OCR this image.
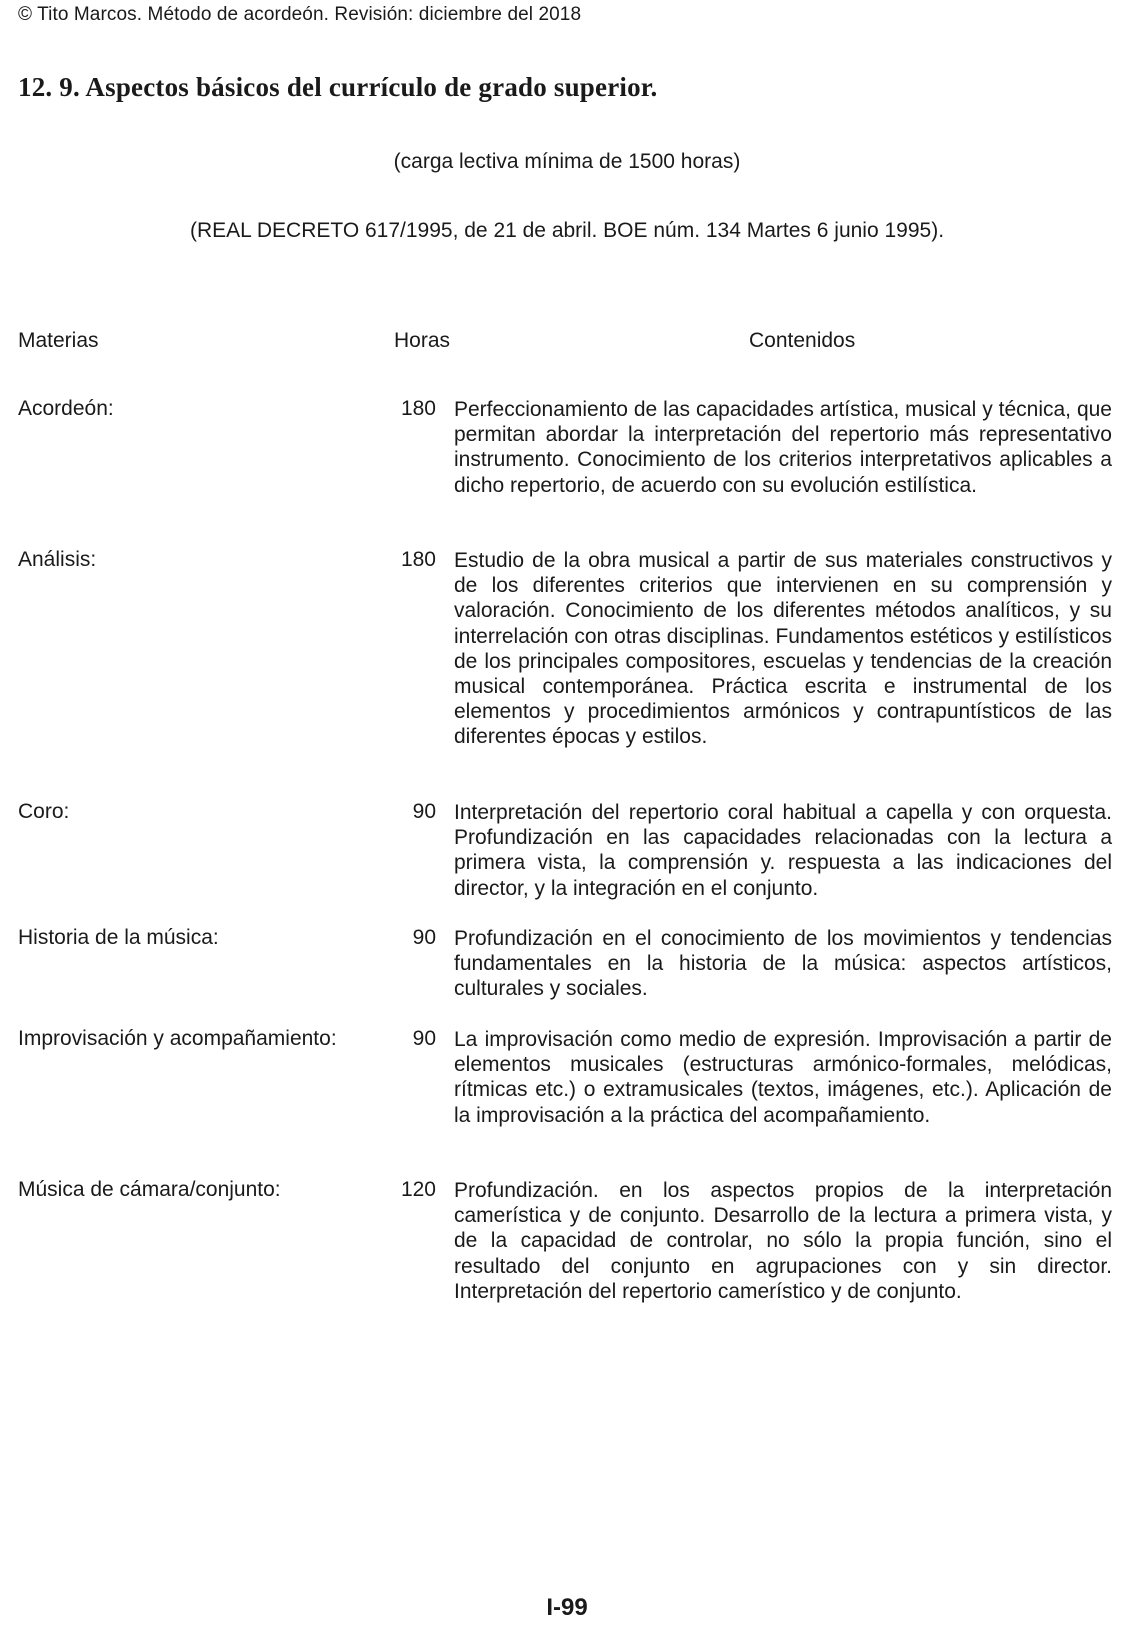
© Tito Marcos. Método de acordeón. Revisión: diciembre del 2018
12. 9. Aspectos básicos del currículo de grado superior.
(carga lectiva mínima de 1500 horas)
(REAL DECRETO 617/1995, de 21 de abril. BOE núm. 134 Martes 6 junio 1995).
Materias	Horas	Contenidos
Acordeón:	180 Perfeccionamiento de las capacidades artística, musical y técnica, que permitan abordar la interpretación del repertorio más representativo instrumento. Conocimiento de los criterios interpretativos aplicables a dicho repertorio, de acuerdo con su evolución estilística.

Análisis:	180 Estudio de la obra musical a partir de sus materiales constructivos y de los diferentes criterios que intervienen en su comprensión y valoración. Conocimiento de los diferentes métodos analíticos, y su interrelación con otras disciplinas. Fundamentos estéticos y estilísticos de los principales compositores, escuelas y tendencias de la creación musical contemporánea. Práctica escrita e instrumental de los elementos y procedimientos armónicos y contrapuntísticos de las diferentes épocas y estilos.

Coro:	90 Interpretación del repertorio coral habitual a capella y con orquesta. Profundización en las capacidades relacionadas con la lectura a primera vista, la comprensión y. respuesta a las indicaciones del director, y la integración en el conjunto.

Historia de la música:	90 Profundización en el conocimiento de los movimientos y tendencias fundamentales en la historia de la música: aspectos artísticos, culturales y sociales.

Improvisación y acompañamiento:	90 La improvisación como medio de expresión. Improvisación a partir de elementos musicales (estructuras armónico-formales, melódicas, rítmicas etc.) o extramusicales (textos, imágenes, etc.). Aplicación de la improvisación a la práctica del acompañamiento.

Música de cámara/conjunto:	120 Profundización. en los aspectos propios de la interpretación camerística y de conjunto. Desarrollo de la lectura a primera vista, y de la capacidad de controlar, no sólo la propia función, sino el resultado del conjunto en agrupaciones con y sin director. Interpretación del repertorio camerístico y de conjunto.

I-99
